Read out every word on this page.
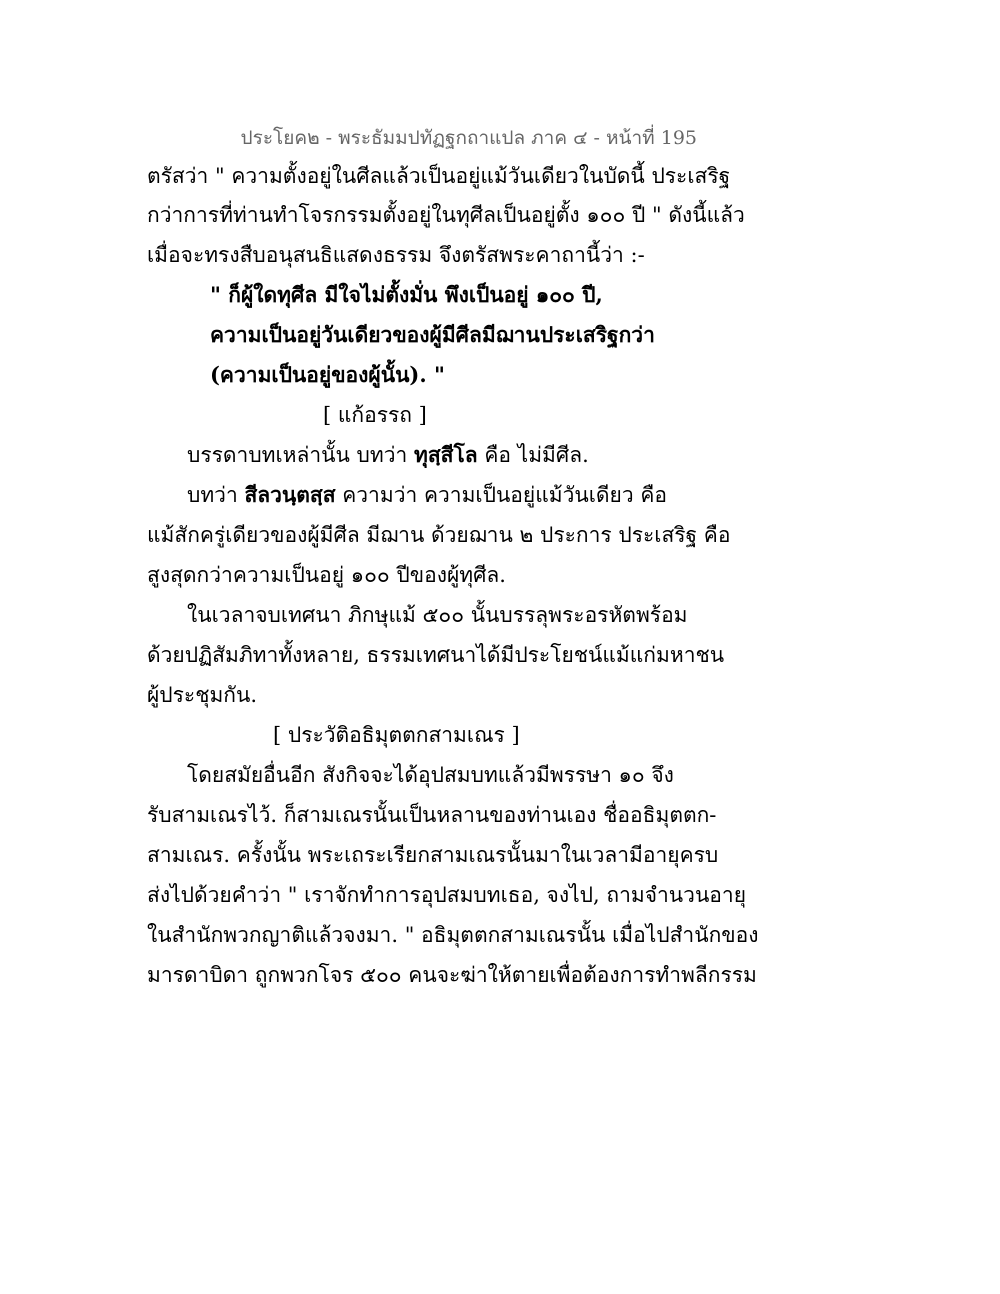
ประโยค๒ - พระธัมมปทัฏฐกถาแปล ภาค ๔ - หน้าที่ 195
ตรัสว่า " ความตั้งอยู่ในศีลแล้วเป็นอยู่แม้วันเดียวในบัดนี้ ประเสริฐ
กว่าการที่ท่านทำโจรกรรมตั้งอยู่ในทุศีลเป็นอยู่ตั้ง ๑๐๐ ปี " ดังนี้แล้ว
เมื่อจะทรงสืบอนุสนธิแสดงธรรม จึงตรัสพระคาถานี้ว่า :-
" ก็ผู้ใดทุศีล มีใจไม่ตั้งมั่น พึงเป็นอยู่ ๑๐๐ ปี,
ความเป็นอยู่วันเดียวของผู้มีศีลมีฌานประเสริฐกว่า
(ความเป็นอยู่ของผู้นั้น). "
[ แก้อรรถ ]
บรรดาบทเหล่านั้น บทว่า ทุสฺสีโล คือ ไม่มีศีล.
บทว่า สีลวนฺตสฺส ความว่า ความเป็นอยู่แม้วันเดียว คือ
แม้สักครู่เดียวของผู้มีศีล มีฌาน ด้วยฌาน ๒ ประการ ประเสริฐ คือ
สูงสุดกว่าความเป็นอยู่ ๑๐๐ ปีของผู้ทุศีล.
ในเวลาจบเทศนา ภิกษุแม้ ๕๐๐ นั้นบรรลุพระอรหัตพร้อม
ด้วยปฏิสัมภิทาทั้งหลาย, ธรรมเทศนาได้มีประโยชน์แม้แก่มหาชน
ผู้ประชุมกัน.
[ ประวัติอธิมุตตกสามเณร ]
โดยสมัยอื่นอีก สังกิจจะได้อุปสมบทแล้วมีพรรษา ๑๐ จึง
รับสามเณรไว้. ก็สามเณรนั้นเป็นหลานของท่านเอง ชื่ออธิมุตตก-
สามเณร. ครั้งนั้น พระเถระเรียกสามเณรนั้นมาในเวลามีอายุครบ
ส่งไปด้วยคำว่า " เราจักทำการอุปสมบทเธอ, จงไป, ถามจำนวนอายุ
ในสำนักพวกญาติแล้วจงมา. " อธิมุตตกสามเณรนั้น เมื่อไปสำนักของ
มารดาบิดา ถูกพวกโจร ๕๐๐ คนจะฆ่าให้ตายเพื่อต้องการทำพลีกรรม
